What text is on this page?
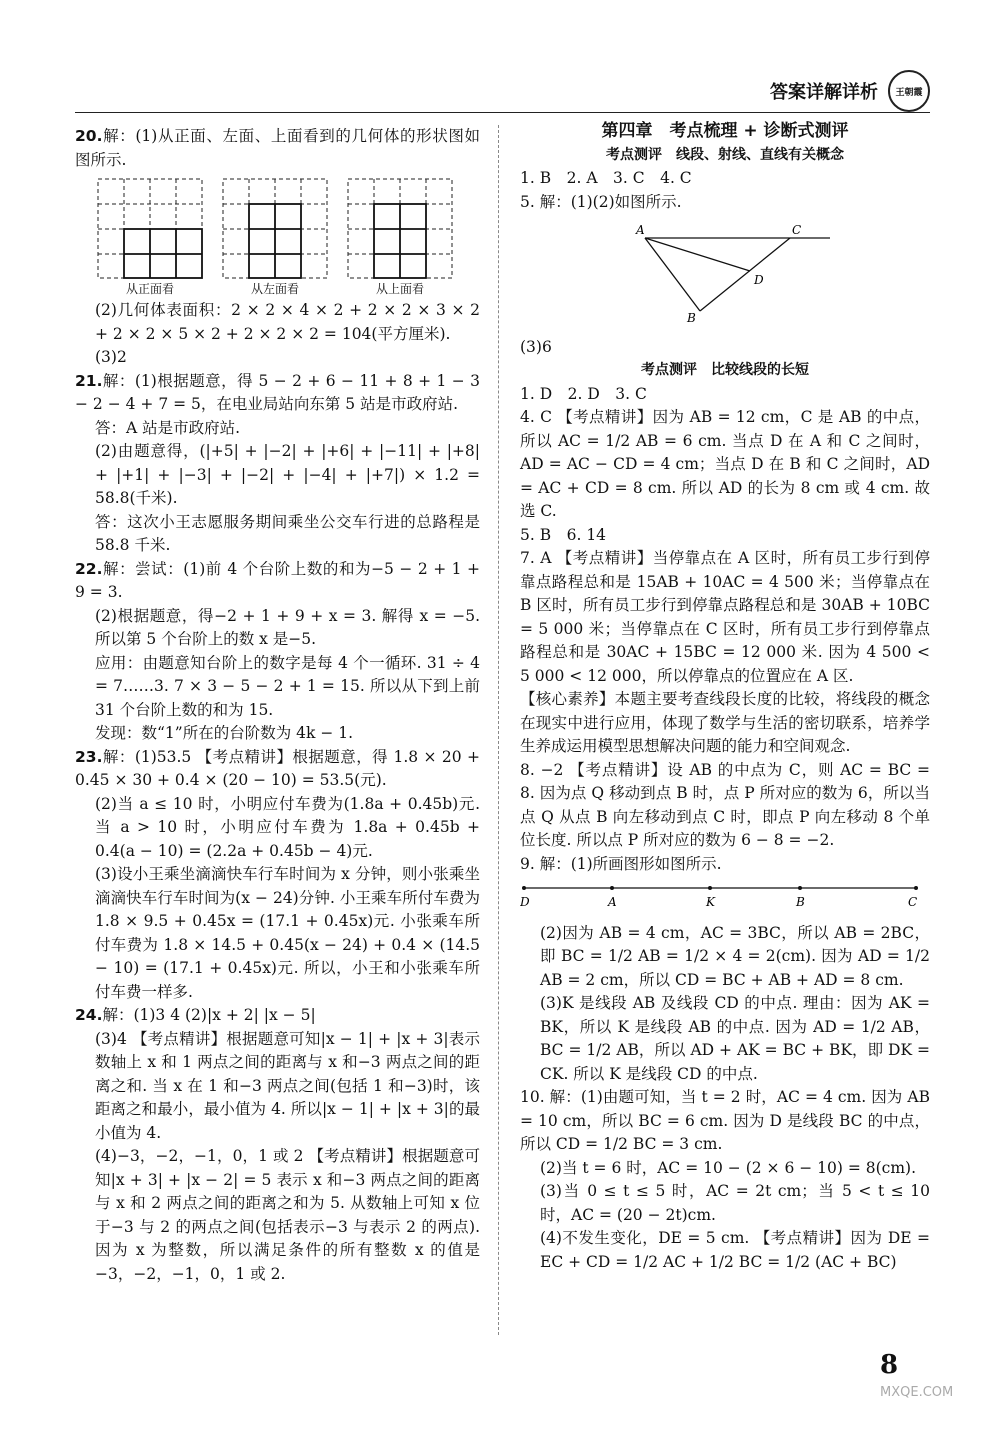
答案详解详析	王朝霞

20.解：(1)从正面、左面、上面看到的几何体的形状图如图所示.

从正面看	从左面看	从上面看

(2)几何体表面积：2 × 2 × 4 × 2 + 2 × 2 × 3 × 2 + 2 × 2 × 5 × 2 + 2 × 2 × 2 = 104(平方厘米).

(3)2

21.解：(1)根据题意，得 5 − 2 + 6 − 11 + 8 + 1 − 3 − 2 − 4 + 7 = 5，在电业局站向东第 5 站是市政府站.

答：A 站是市政府站.

(2)由题意得，(|+5| + |−2| + |+6| + |−11| + |+8| + |+1| + |−3| + |−2| + |−4| + |+7|) × 1.2 = 58.8(千米).

答：这次小王志愿服务期间乘坐公交车行进的总路程是 58.8 千米.

22.解：尝试：(1)前 4 个台阶上数的和为−5 − 2 + 1 + 9 = 3.

(2)根据题意，得−2 + 1 + 9 + x = 3. 解得 x = −5. 所以第 5 个台阶上的数 x 是−5.

应用：由题意知台阶上的数字是每 4 个一循环. 31 ÷ 4 = 7……3. 7 × 3 − 5 − 2 + 1 = 15. 所以从下到上前 31 个台阶上数的和为 15.

发现：数“1”所在的台阶数为 4k − 1.

23.解：(1)53.5 【考点精讲】根据题意，得 1.8 × 20 + 0.45 × 30 + 0.4 × (20 − 10) = 53.5(元).

(2)当 a ≤ 10 时，小明应付车费为(1.8a + 0.45b)元. 当 a > 10 时，小明应付车费为 1.8a + 0.45b + 0.4(a − 10) = (2.2a + 0.45b − 4)元.

(3)设小王乘坐滴滴快车行车时间为 x 分钟，则小张乘坐滴滴快车行车时间为(x − 24)分钟. 小王乘车所付车费为 1.8 × 9.5 + 0.45x = (17.1 + 0.45x)元. 小张乘车所付车费为 1.8 × 14.5 + 0.45(x − 24) + 0.4 × (14.5 − 10) = (17.1 + 0.45x)元. 所以，小王和小张乘车所付车费一样多.

24.解：(1)3 4 (2)|x + 2| |x − 5|

(3)4 【考点精讲】根据题意可知|x − 1| + |x + 3|表示数轴上 x 和 1 两点之间的距离与 x 和−3 两点之间的距离之和. 当 x 在 1 和−3 两点之间(包括 1 和−3)时，该距离之和最小，最小值为 4. 所以|x − 1| + |x + 3|的最小值为 4.

(4)−3，−2，−1，0，1 或 2 【考点精讲】根据题意可知|x + 3| + |x − 2| = 5 表示 x 和−3 两点之间的距离与 x 和 2 两点之间的距离之和为 5. 从数轴上可知 x 位于−3 与 2 的两点之间(包括表示−3 与表示 2 的两点). 因为 x 为整数，所以满足条件的所有整数 x 的值是−3，−2，−1，0，1 或 2.

第四章　考点梳理 + 诊断式测评
考点测评　线段、射线、直线有关概念

1. B　2. A　3. C　4. C

5. 解：(1)(2)如图所示.

A	C
D
B

(3)6

考点测评　比较线段的长短

1. D　2. D　3. C

4. C 【考点精讲】因为 AB = 12 cm，C 是 AB 的中点，所以 AC = 1/2 AB = 6 cm. 当点 D 在 A 和 C 之间时，AD = AC − CD = 4 cm；当点 D 在 B 和 C 之间时，AD = AC + CD = 8 cm. 所以 AD 的长为 8 cm 或 4 cm. 故选 C.

5. B　6. 14

7. A 【考点精讲】当停靠点在 A 区时，所有员工步行到停靠点路程总和是 15AB + 10AC = 4 500 米；当停靠点在 B 区时，所有员工步行到停靠点路程总和是 30AB + 10BC = 5 000 米；当停靠点在 C 区时，所有员工步行到停靠点路程总和是 30AC + 15BC = 12 000 米. 因为 4 500 < 5 000 < 12 000，所以停靠点的位置应在 A 区.

【核心素养】本题主要考查线段长度的比较，将线段的概念在现实中进行应用，体现了数学与生活的密切联系，培养学生养成运用模型思想解决问题的能力和空间观念.

8. −2 【考点精讲】设 AB 的中点为 C，则 AC = BC = 8. 因为点 Q 移动到点 B 时，点 P 所对应的数为 6，所以当点 Q 从点 B 向左移动到点 C 时，即点 P 向左移动 8 个单位长度. 所以点 P 所对应的数为 6 − 8 = −2.

9. 解：(1)所画图形如图所示.

D	A	K	B	C

(2)因为 AB = 4 cm，AC = 3BC，所以 AB = 2BC，即 BC = 1/2 AB = 1/2 × 4 = 2(cm). 因为 AD = 1/2 AB = 2 cm，所以 CD = BC + AB + AD = 8 cm.

(3)K 是线段 AB 及线段 CD 的中点. 理由：因为 AK = BK，所以 K 是线段 AB 的中点. 因为 AD = 1/2 AB，BC = 1/2 AB，所以 AD + AK = BC + BK，即 DK = CK. 所以 K 是线段 CD 的中点.

10. 解：(1)由题可知，当 t = 2 时，AC = 4 cm. 因为 AB = 10 cm，所以 BC = 6 cm. 因为 D 是线段 BC 的中点，所以 CD = 1/2 BC = 3 cm.

(2)当 t = 6 时，AC = 10 − (2 × 6 − 10) = 8(cm).

(3)当 0 ≤ t ≤ 5 时，AC = 2t cm；当 5 < t ≤ 10 时，AC = (20 − 2t)cm.

(4)不发生变化，DE = 5 cm. 【考点精讲】因为 DE = EC + CD = 1/2 AC + 1/2 BC = 1/2 (AC + BC)

8
MXQE.COM
